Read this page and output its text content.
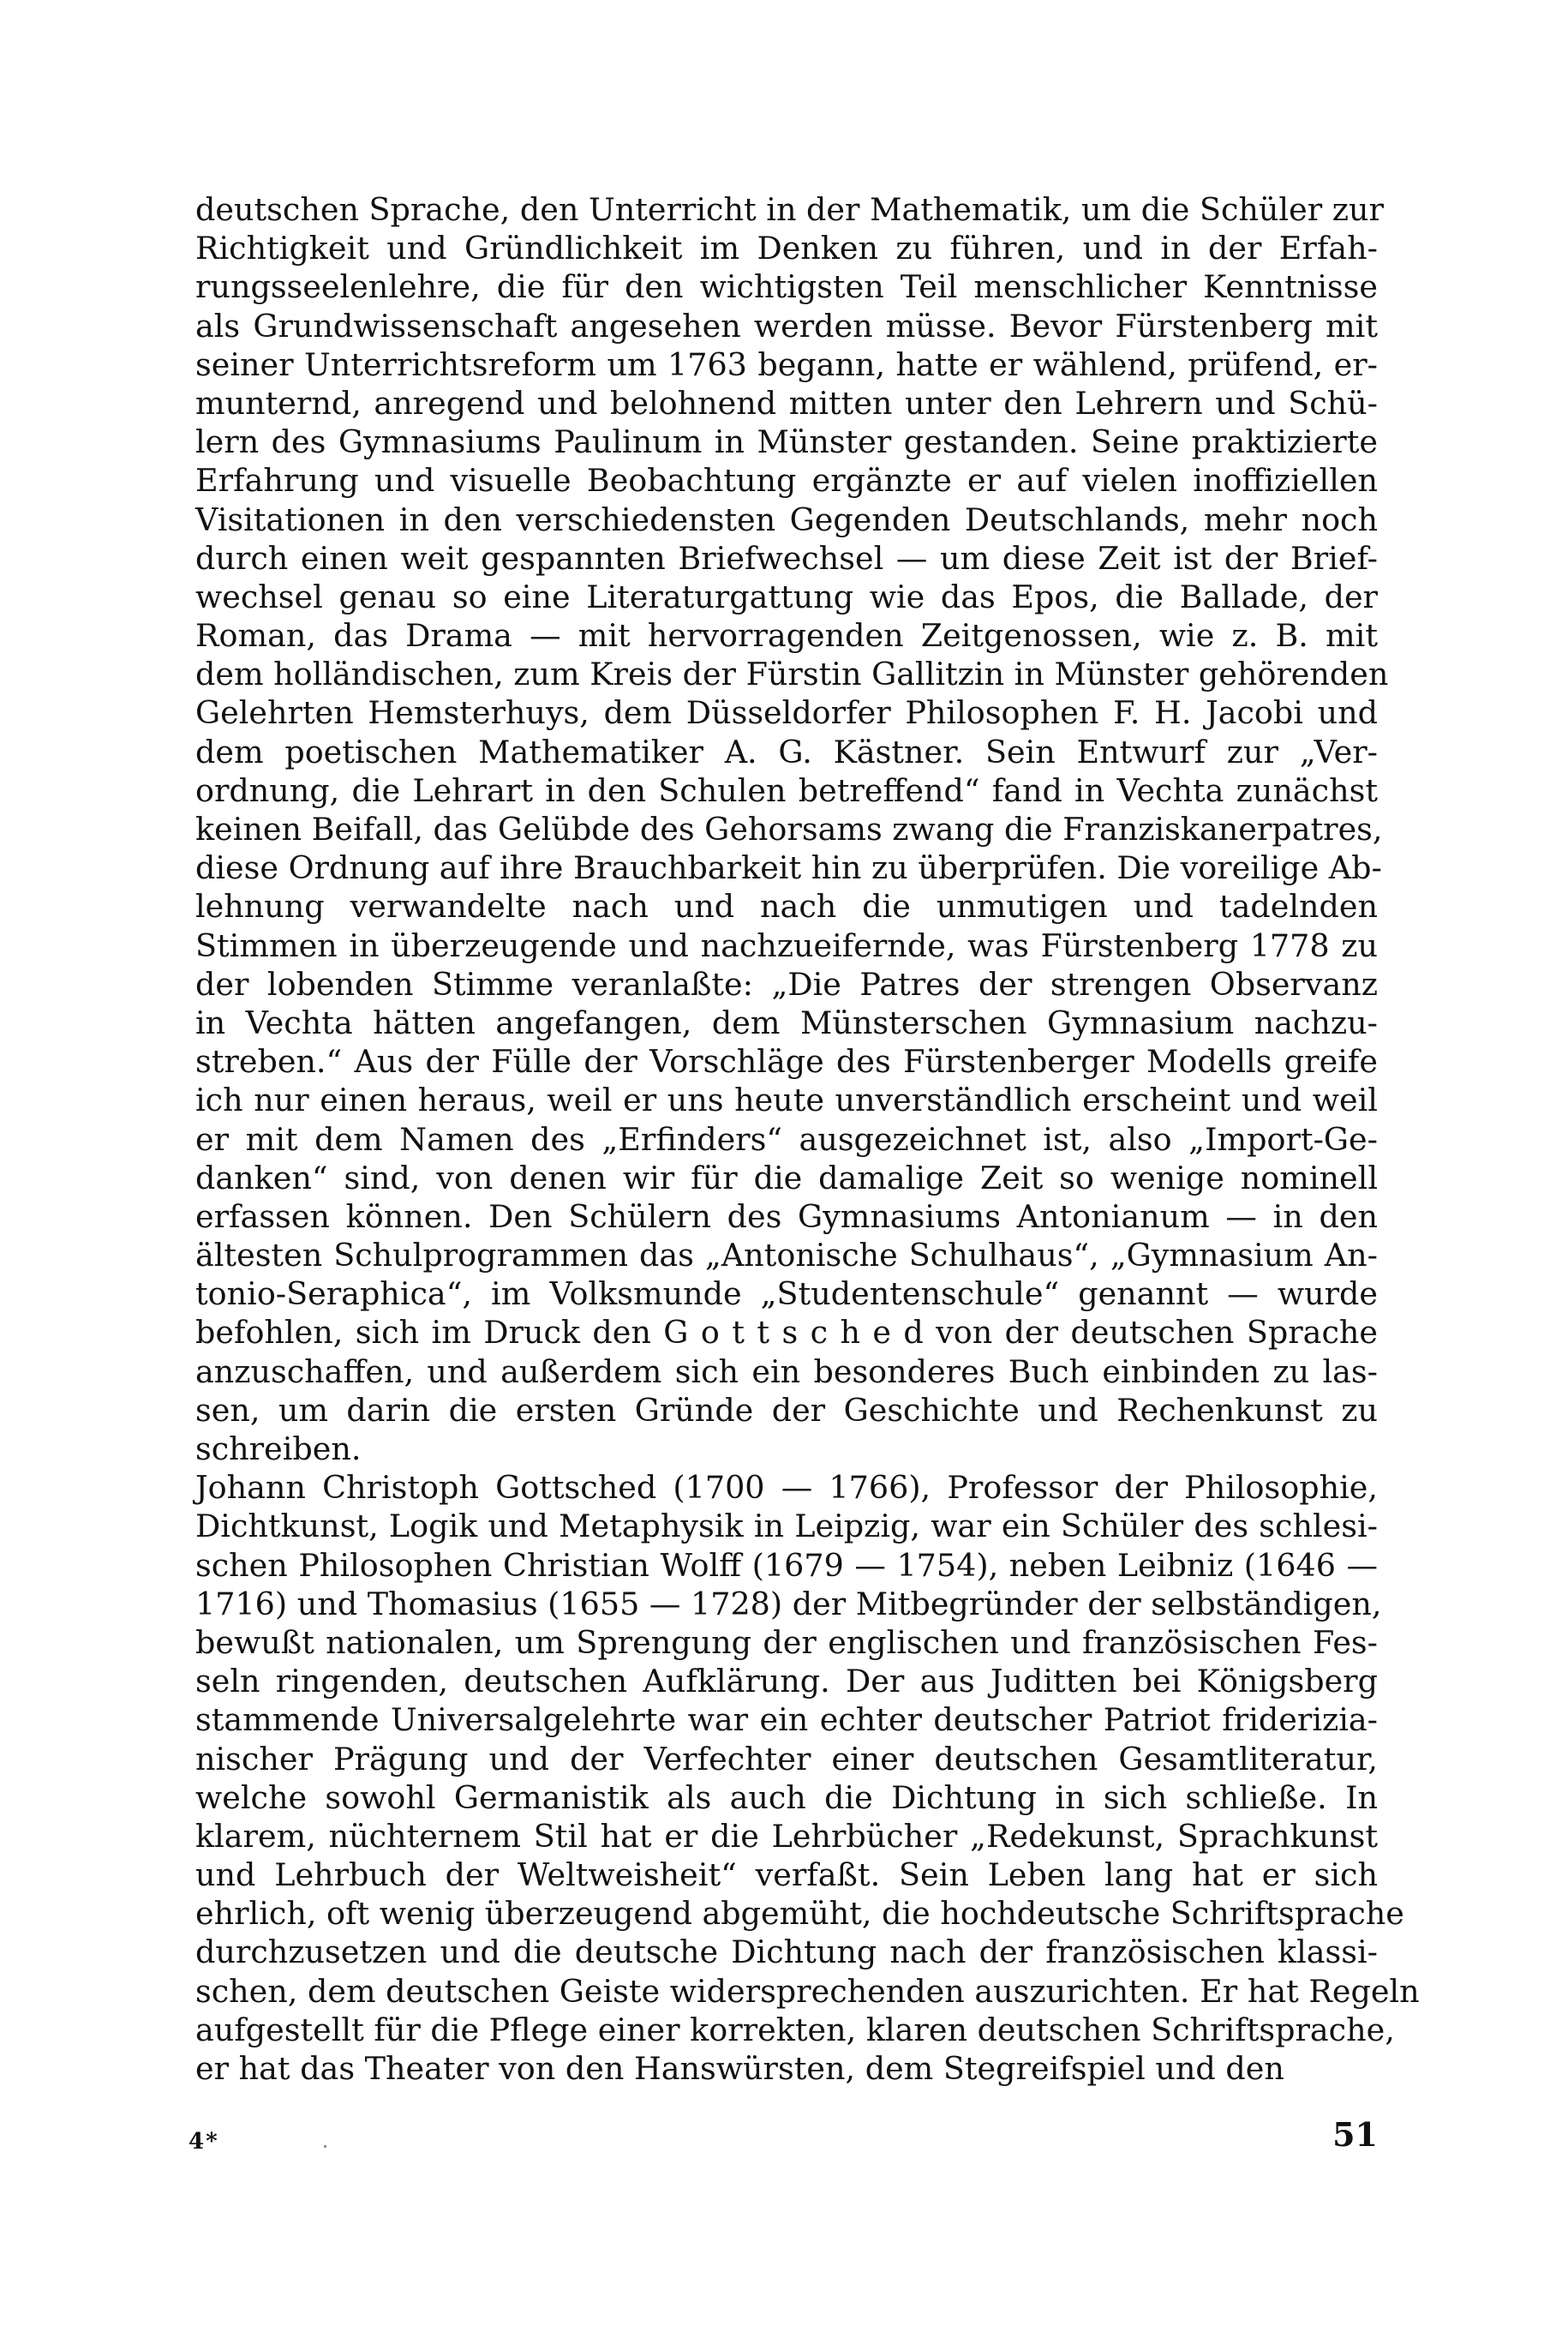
deutschen Sprache, den Unterricht in der Mathematik, um die Schüler zur
Richtigkeit und Gründlichkeit im Denken zu führen, und in der Erfah-
rungsseelenlehre, die für den wichtigsten Teil menschlicher Kenntnisse
als Grundwissenschaft angesehen werden müsse. Bevor Fürstenberg mit
seiner Unterrichtsreform um 1763 begann, hatte er wählend, prüfend, er-
munternd, anregend und belohnend mitten unter den Lehrern und Schü-
lern des Gymnasiums Paulinum in Münster gestanden. Seine praktizierte
Erfahrung und visuelle Beobachtung ergänzte er auf vielen inoffiziellen
Visitationen in den verschiedensten Gegenden Deutschlands, mehr noch
durch einen weit gespannten Briefwechsel — um diese Zeit ist der Brief-
wechsel genau so eine Literaturgattung wie das Epos, die Ballade, der
Roman, das Drama — mit hervorragenden Zeitgenossen, wie z. B. mit
dem holländischen, zum Kreis der Fürstin Gallitzin in Münster gehörenden
Gelehrten Hemsterhuys, dem Düsseldorfer Philosophen F. H. Jacobi und
dem poetischen Mathematiker A. G. Kästner. Sein Entwurf zur „Ver-
ordnung, die Lehrart in den Schulen betreffend“ fand in Vechta zunächst
keinen Beifall, das Gelübde des Gehorsams zwang die Franziskanerpatres,
diese Ordnung auf ihre Brauchbarkeit hin zu überprüfen. Die voreilige Ab-
lehnung verwandelte nach und nach die unmutigen und tadelnden
Stimmen in überzeugende und nachzueifernde, was Fürstenberg 1778 zu
der lobenden Stimme veranlaßte: „Die Patres der strengen Observanz
in Vechta hätten angefangen, dem Münsterschen Gymnasium nachzu-
streben.“ Aus der Fülle der Vorschläge des Fürstenberger Modells greife
ich nur einen heraus, weil er uns heute unverständlich erscheint und weil
er mit dem Namen des „Erfinders“ ausgezeichnet ist, also „Import-Ge-
danken“ sind, von denen wir für die damalige Zeit so wenige nominell
erfassen können. Den Schülern des Gymnasiums Antonianum — in den
ältesten Schulprogrammen das „Antonische Schulhaus“, „Gymnasium An-
tonio-Seraphica“, im Volksmunde „Studentenschule“ genannt — wurde
befohlen, sich im Druck den G o t t s c h e d von der deutschen Sprache
anzuschaffen, und außerdem sich ein besonderes Buch einbinden zu las-
sen, um darin die ersten Gründe der Geschichte und Rechenkunst zu
schreiben.
Johann Christoph Gottsched (1700 — 1766), Professor der Philosophie,
Dichtkunst, Logik und Metaphysik in Leipzig, war ein Schüler des schlesi-
schen Philosophen Christian Wolff (1679 — 1754), neben Leibniz (1646 —
1716) und Thomasius (1655 — 1728) der Mitbegründer der selbständigen,
bewußt nationalen, um Sprengung der englischen und französischen Fes-
seln ringenden, deutschen Aufklärung. Der aus Juditten bei Königsberg
stammende Universalgelehrte war ein echter deutscher Patriot friderizia-
nischer Prägung und der Verfechter einer deutschen Gesamtliteratur,
welche sowohl Germanistik als auch die Dichtung in sich schließe. In
klarem, nüchternem Stil hat er die Lehrbücher „Redekunst, Sprachkunst
und Lehrbuch der Weltweisheit“ verfaßt. Sein Leben lang hat er sich
ehrlich, oft wenig überzeugend abgemüht, die hochdeutsche Schriftsprache
durchzusetzen und die deutsche Dichtung nach der französischen klassi-
schen, dem deutschen Geiste widersprechenden auszurichten. Er hat Regeln
aufgestellt für die Pflege einer korrekten, klaren deutschen Schriftsprache,
er hat das Theater von den Hanswürsten, dem Stegreifspiel und den
4*	51
